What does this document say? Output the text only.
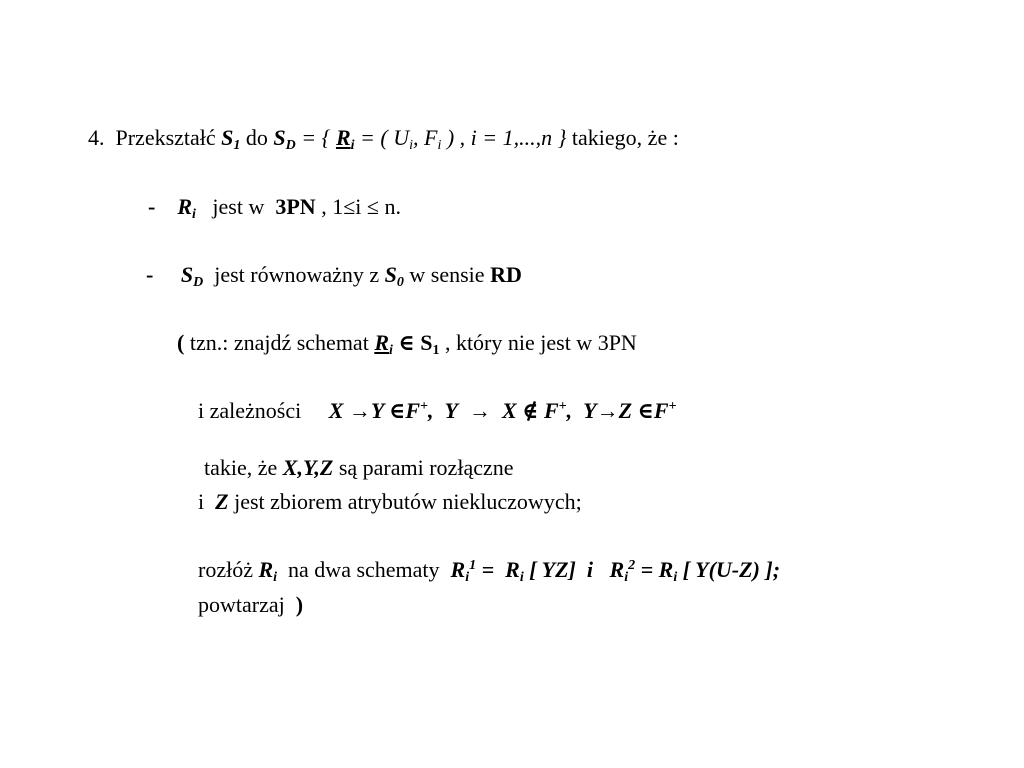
4. Przekształć $S_1$ do $S_D$ = { $R_i$ = ( $U_i$, $F_i$ ) , i = 1,...,n } takiego, że :
- $R_i$ jest w 3PN , 1≤i ≤ n.
- $S_D$ jest równoważny z $S_0$ w sensie RD
( tzn.: znajdź schemat $R_i$ ∈ $S_1$ , który nie jest w 3PN
i zależności X →Y ∈F+, Y → X ∉ F+, Y→Z ∈F+
takie, że X,Y,Z są parami rozłączne
i Z jest zbiorem atrybutów niekluczowych;
rozłóż $R_i$ na dwa schematy $R_i^1 = R_i$ [ YZ] i $R_i^2 = R_i$ [ Y(U-Z) ];
powtarzaj )
